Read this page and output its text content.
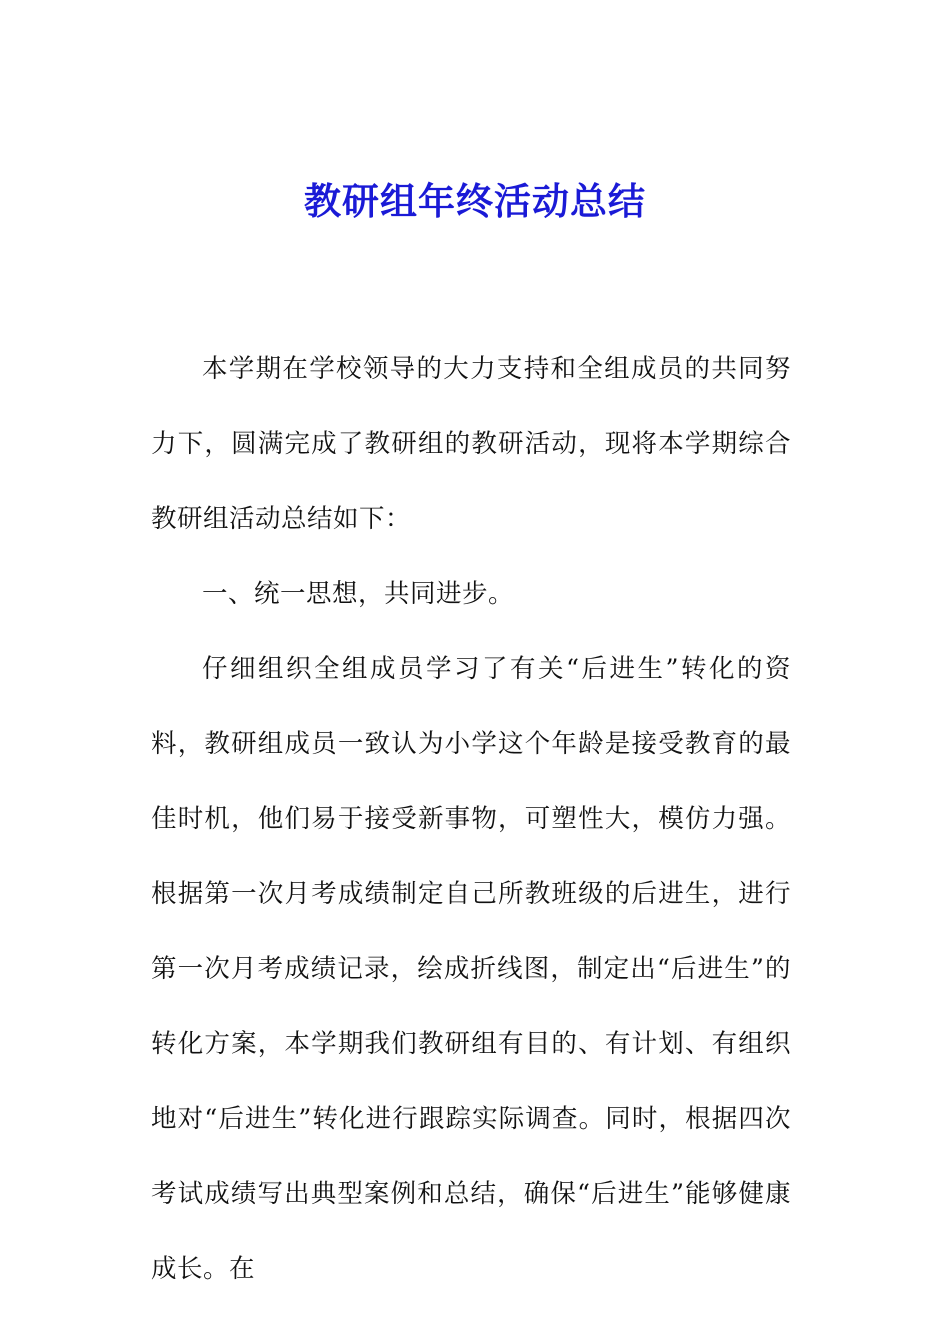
教研组年终活动总结

本学期在学校领导的大力支持和全组成员的共同努力下，圆满完成了教研组的教研活动，现将本学期综合教研组活动总结如下：

一、统一思想，共同进步。

仔细组织全组成员学习了有关“后进生”转化的资料，教研组成员一致认为小学这个年龄是接受教育的最佳时机，他们易于接受新事物，可塑性大，模仿力强。根据第一次月考成绩制定自己所教班级的后进生，进行第一次月考成绩记录，绘成折线图，制定出“后进生”的转化方案，本学期我们教研组有目的、有计划、有组织地对“后进生”转化进行跟踪实际调查。同时，根据四次考试成绩写出典型案例和总结，确保“后进生”能够健康成长。在
